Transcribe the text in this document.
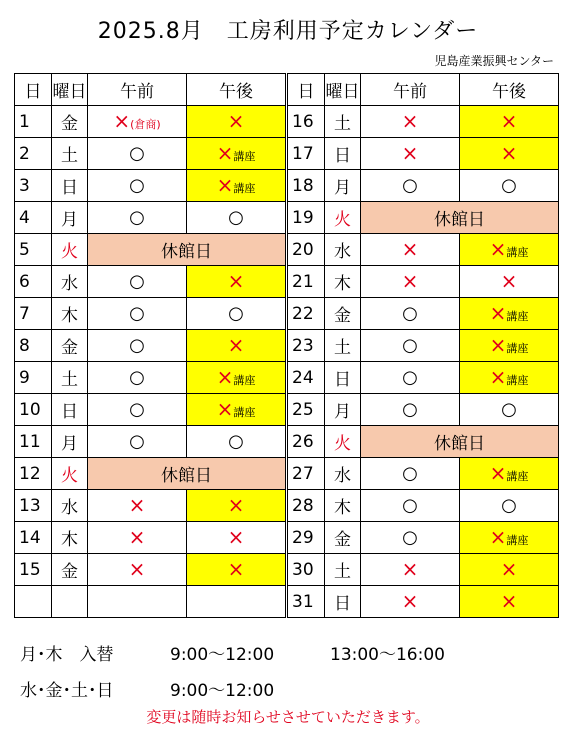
2025.8月　工房利用予定カレンダー
児島産業振興センター
日	曜日	午前	午後
1	金	×(倉商)	×
2	土	○	×講座
3	日	○	×講座
4	月	○	○
5	火	休館日	
6	水	○	×
7	木	○	○
8	金	○	×
9	土	○	×講座
10	日	○	×講座
11	月	○	○
12	火	休館日	
13	水	×	×
14	木	×	×
15	金	×	×

日	曜日	午前	午後
16	土	×	×
17	日	×	×
18	月	○	○
19	火	休館日	
20	水	×	×講座
21	木	×	×
22	金	○	×講座
23	土	○	×講座
24	日	○	×講座
25	月	○	○
26	火	休館日	
27	水	○	×講座
28	木	○	○
29	金	○	×講座
30	土	×	×
31	日	×	×
月･木　入替	9:00～12:00	13:00～16:00
水･金･土･日	9:00～12:00
変更は随時お知らせさせていただきます。
